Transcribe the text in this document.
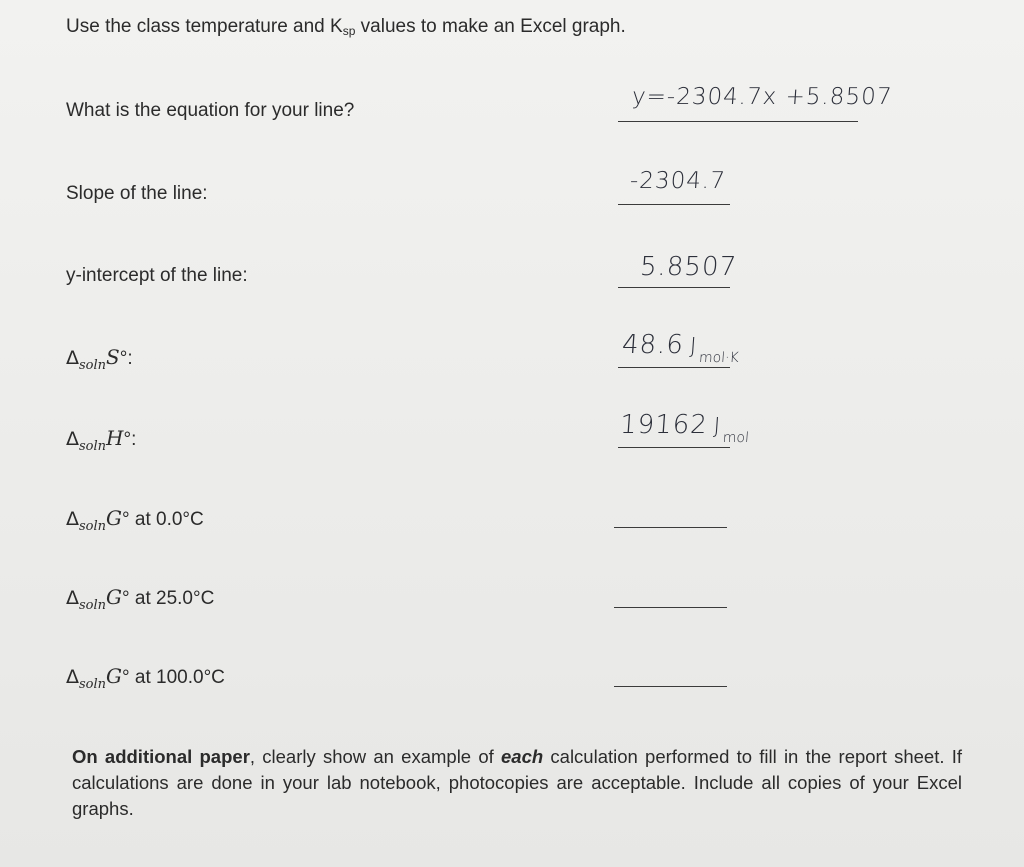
Use the class temperature and $K_{sp}$ values to make an Excel graph.
What is the equation for your line?
y=-2304.7x +5.8507
Slope of the line:	-2304.7
y-intercept of the line:	5.8507
$\Delta_{soln}S^\circ$:	48.6 J mol·K
$\Delta_{soln}H^\circ$:	19162 J mol
$\Delta_{soln}G^\circ$ at 0.0°C
$\Delta_{soln}G^\circ$ at 25.0°C
$\Delta_{soln}G^\circ$ at 100.0°C
On additional paper, clearly show an example of each calculation performed to fill in the report sheet. If calculations are done in your lab notebook, photocopies are acceptable. Include all copies of your Excel graphs.
